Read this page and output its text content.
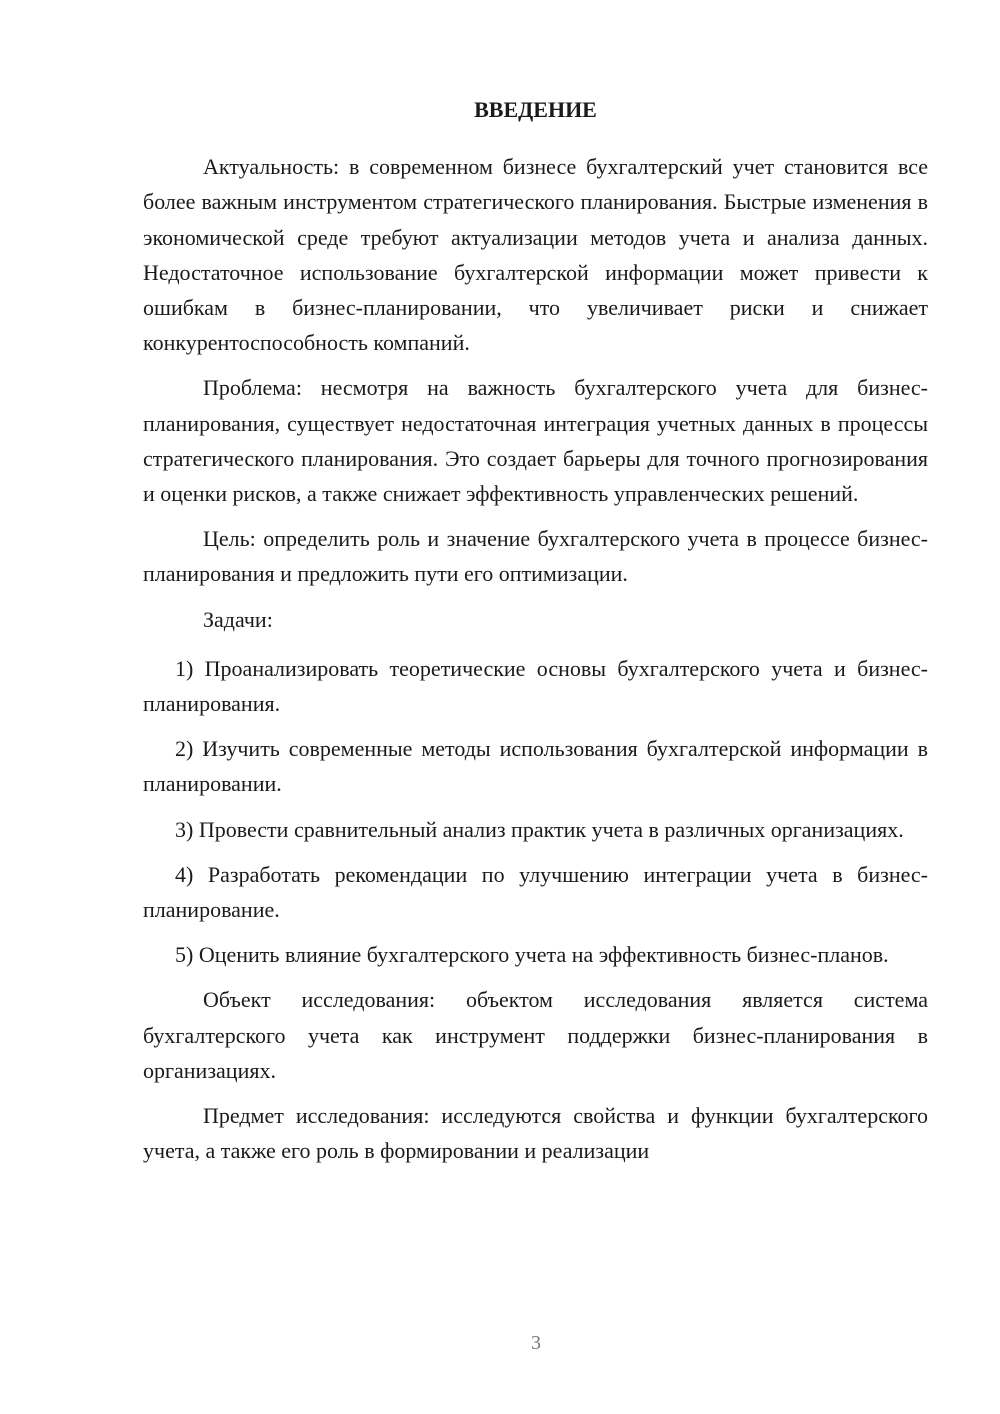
ВВЕДЕНИЕ

Актуальность: в современном бизнесе бухгалтерский учет становится все более важным инструментом стратегического планирования. Быстрые изменения в экономической среде требуют актуализации методов учета и анализа данных. Недостаточное использование бухгалтерской информации может привести к ошибкам в бизнес-планировании, что увеличивает риски и снижает конкурентоспособность компаний.

Проблема: несмотря на важность бухгалтерского учета для бизнес-планирования, существует недостаточная интеграция учетных данных в процессы стратегического планирования. Это создает барьеры для точного прогнозирования и оценки рисков, а также снижает эффективность управленческих решений.

Цель: определить роль и значение бухгалтерского учета в процессе бизнес-планирования и предложить пути его оптимизации.

Задачи:

1) Проанализировать теоретические основы бухгалтерского учета и бизнес-планирования.

2) Изучить современные методы использования бухгалтерской информации в планировании.

3) Провести сравнительный анализ практик учета в различных организациях.

4) Разработать рекомендации по улучшению интеграции учета в бизнес-планирование.

5) Оценить влияние бухгалтерского учета на эффективность бизнес-планов.

Объект исследования: объектом исследования является система бухгалтерского учета как инструмент поддержки бизнес-планирования в организациях.

Предмет исследования: исследуются свойства и функции бухгалтерского учета, а также его роль в формировании и реализации

3
